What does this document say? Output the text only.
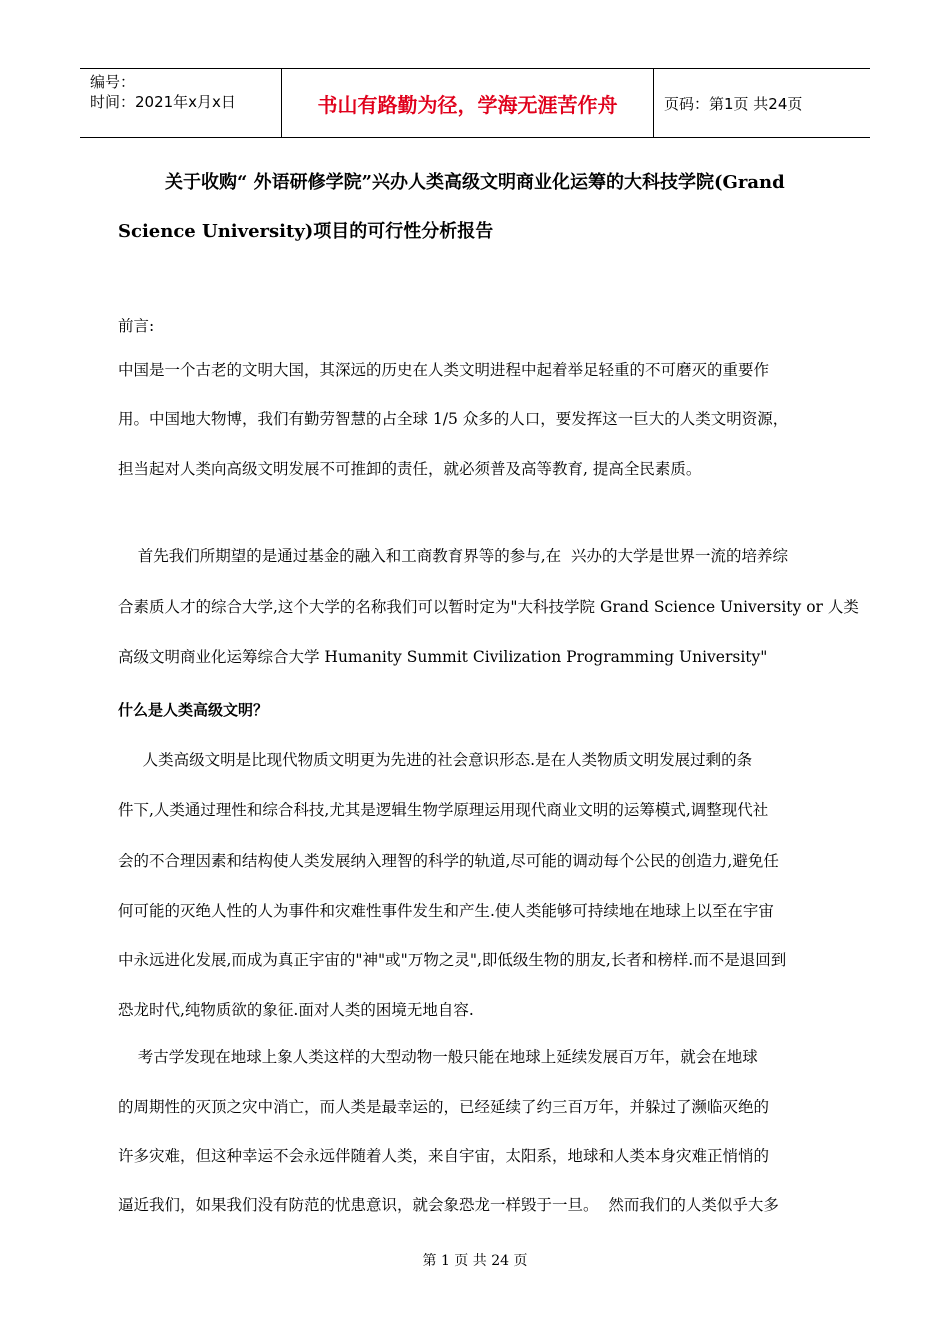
编号：
时间：2021年x月x日	书山有路勤为径，学海无涯苦作舟	页码：第1页 共24页
关于收购“ 外语研修学院”兴办人类高级文明商业化运筹的大科技学院(Grand
Science University)项目的可行性分析报告
前言:
中国是一个古老的文明大国，其深远的历史在人类文明进程中起着举足轻重的不可磨灭的重要作
用。中国地大物博，我们有勤劳智慧的占全球 1/5 众多的人口，要发挥这一巨大的人类文明资源，
担当起对人类向高级文明发展不可推卸的责任，就必须普及高等教育, 提高全民素质。
首先我们所期望的是通过基金的融入和工商教育界等的参与,在  兴办的大学是世界一流的培养综
合素质人才的综合大学,这个大学的名称我们可以暂时定为"大科技学院 Grand Science University or 人类
高级文明商业化运筹综合大学 Humanity Summit Civilization Programming University"
什么是人类高级文明？
人类高级文明是比现代物质文明更为先进的社会意识形态.是在人类物质文明发展过剩的条
件下,人类通过理性和综合科技,尤其是逻辑生物学原理运用现代商业文明的运筹模式,调整现代社
会的不合理因素和结构使人类发展纳入理智的科学的轨道,尽可能的调动每个公民的创造力,避免任
何可能的灭绝人性的人为事件和灾难性事件发生和产生.使人类能够可持续地在地球上以至在宇宙
中永远进化发展,而成为真正宇宙的"神"或"万物之灵",即低级生物的朋友,长者和榜样.而不是退回到
恐龙时代,纯物质欲的象征.面对人类的困境无地自容.
考古学发现在地球上象人类这样的大型动物一般只能在地球上延续发展百万年，就会在地球
的周期性的灭顶之灾中消亡，而人类是最幸运的，已经延续了约三百万年，并躲过了濒临灭绝的
许多灾难，但这种幸运不会永远伴随着人类，来自宇宙，太阳系，地球和人类本身灾难正悄悄的
逼近我们，如果我们没有防范的忧患意识，就会象恐龙一样毁于一旦。  然而我们的人类似乎大多
第 1 页 共 24 页
